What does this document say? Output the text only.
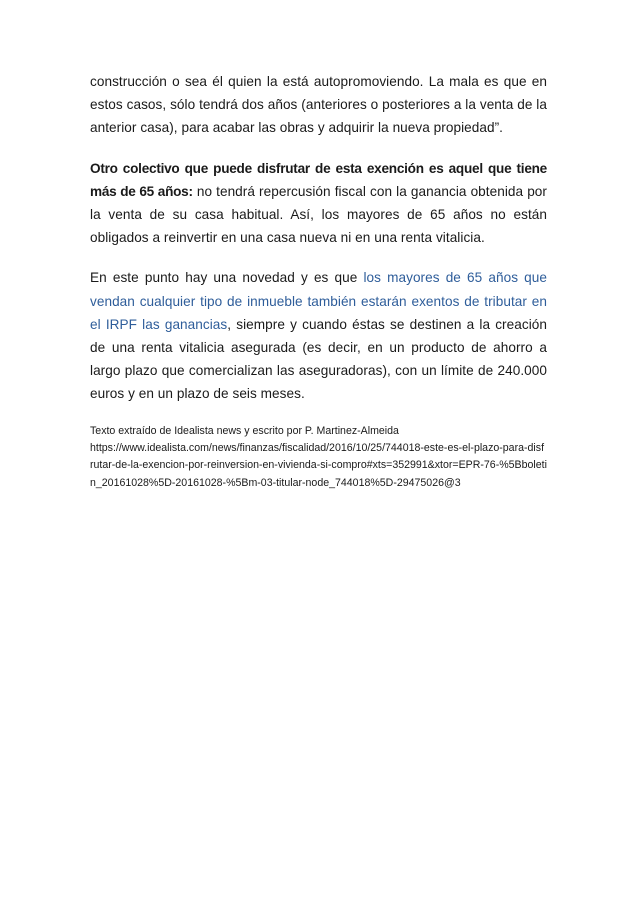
construcción o sea él quien la está autopromoviendo. La mala es que en estos casos, sólo tendrá dos años (anteriores o posteriores a la venta de la anterior casa), para acabar las obras y adquirir la nueva propiedad”.

Otro colectivo que puede disfrutar de esta exención es aquel que tiene más de 65 años: no tendrá repercusión fiscal con la ganancia obtenida por la venta de su casa habitual. Así, los mayores de 65 años no están obligados a reinvertir en una casa nueva ni en una renta vitalicia.

En este punto hay una novedad y es que los mayores de 65 años que vendan cualquier tipo de inmueble también estarán exentos de tributar en el IRPF las ganancias, siempre y cuando éstas se destinen a la creación de una renta vitalicia asegurada (es decir, en un producto de ahorro a largo plazo que comercializan las aseguradoras), con un límite de 240.000 euros y en un plazo de seis meses.

Texto extraído de Idealista news y escrito por P. Martinez-Almeida
https://www.idealista.com/news/finanzas/fiscalidad/2016/10/25/744018-este-es-el-plazo-para-disfrutar-de-la-exencion-por-reinversion-en-vivienda-si-compro#xts=352991&xtor=EPR-76-%5Bboletin_20161028%5D-20161028-%5Bm-03-titular-node_744018%5D-29475026@3
